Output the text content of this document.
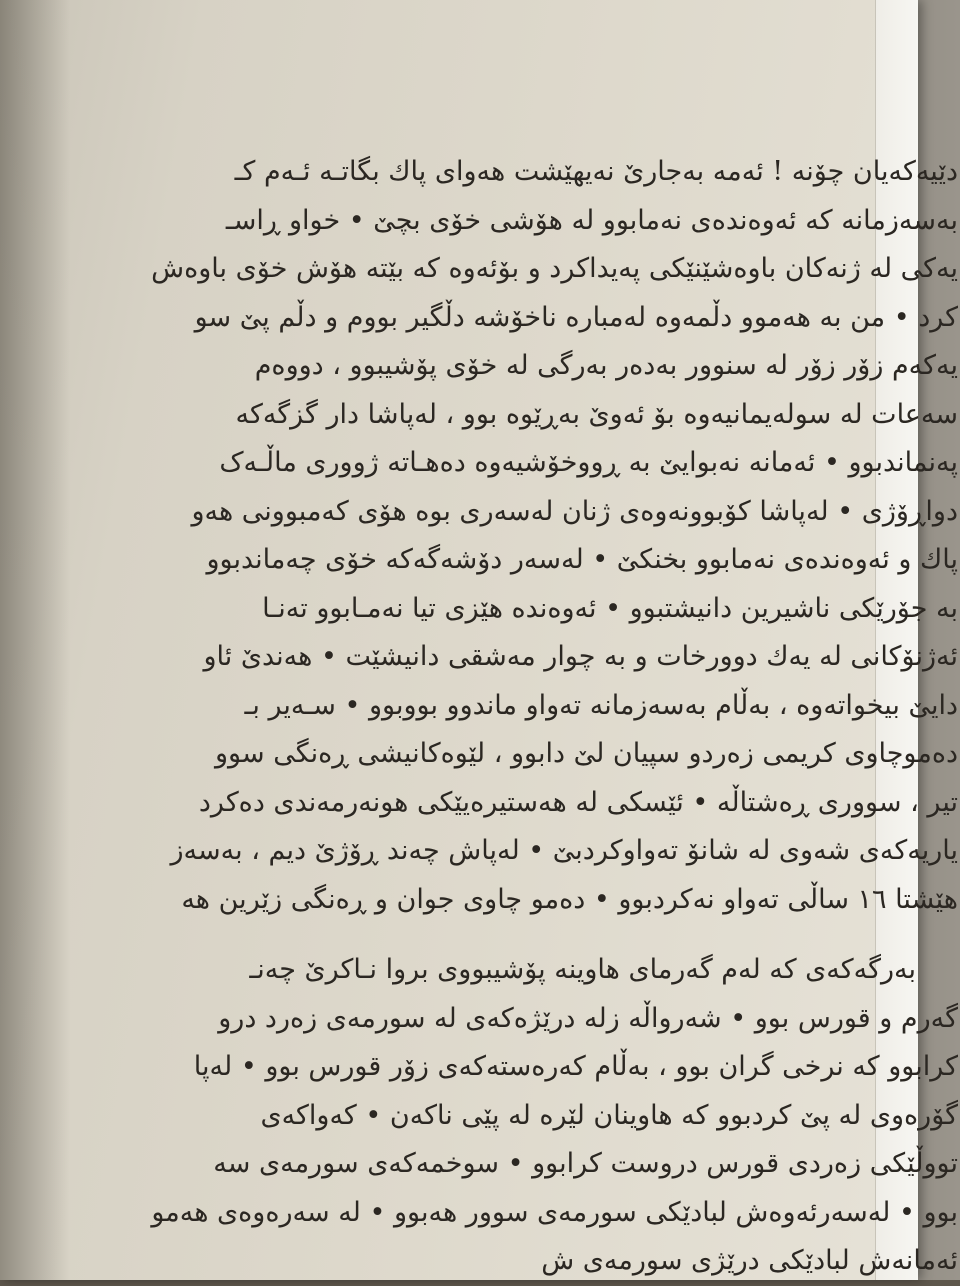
دێیەکەیان چۆنە ! ئەمە بەجارێ نەیهێشت هەوای پاك بگاتـە ئـەم کـ
بەسەزمانە کە ئەوەندەی نەمابوو لە هۆشی خۆی بچێ • خواو ڕاسـ
یەکی لە ژنەکان باوەشێنێکی پەیداکرد و بۆئەوە کە بێتە هۆش خۆی باوەش
کرد • من بە هەموو دڵمەوە لەمبارە ناخۆشە دڵگیر بووم و دڵم پێ سو
یەکەم زۆر زۆر لە سنوور بەدەر بەرگی لە خۆی پۆشیبوو ، دووەم
سەعات لە سولەیمانیەوە بۆ ئەوێ بەڕێوە بوو ، لەپاشا دار گزگەکە
پەنماندبوو • ئەمانە نەبوایێ بە ڕووخۆشیەوە دەهـاتە ژووری ماڵـەک
دواڕۆژی • لەپاشا کۆبوونەوەی ژنان لەسەری بوە هۆی کەمبوونی هەو
پاك و ئەوەندەی نەمابوو بخنکێ • لەسەر دۆشەگەکە خۆی چەماندبوو
بە جۆرێکی ناشیرین دانیشتبوو • ئەوەندە هێزی تیا نەمـابوو تەنـا
ئەژنۆکانی لە یەك دوورخات و بە چوار مەشقی دانیشێت • هەندێ ئاو
دایێ بیخواتەوە ، بەڵام بەسەزمانە تەواو ماندوو بووبوو • سـەیر بـ
دەموچاوی کریمی زەردو سپیان لێ دابوو ، لێوەکانیشی ڕەنگی سوو
تیر ، سووری ڕەشتاڵە • ئێسکی لە هەستیرەیێکی هونەرمەندی دەکرد
یاریەکەی شەوی لە شانۆ تەواوکردبێ • لەپاش چەند ڕۆژێ دیم ، بەسەز
هێشتا ١٦ ساڵی تەواو نەکردبوو • دەمو چاوی جوان و ڕەنگی زێرین هە
بەرگەکەی کە لەم گەرمای هاوینە پۆشیبووی بروا نـاکرێ چەنـ
گەرم و قورس بوو • شەرواڵە زلە درێژەکەی لە سورمەی زەرد درو
کرابوو کە نرخی گران بوو ، بەڵام کەرەستەکەی زۆر قورس بوو • لەپا
گۆرەوی لە پێ کردبوو کە هاوینان لێرە لە پێی ناکەن • کەواکەی
تووڵێکی زەردی قورس دروست کرابوو • سوخمەکەی سورمەی سە
بوو • لەسەرئەوەش لبادێکی سورمەی سوور هەبوو • لە سەرەوەی هەمو
ئەمانەش لبادێکی درێژی سورمەی ش
